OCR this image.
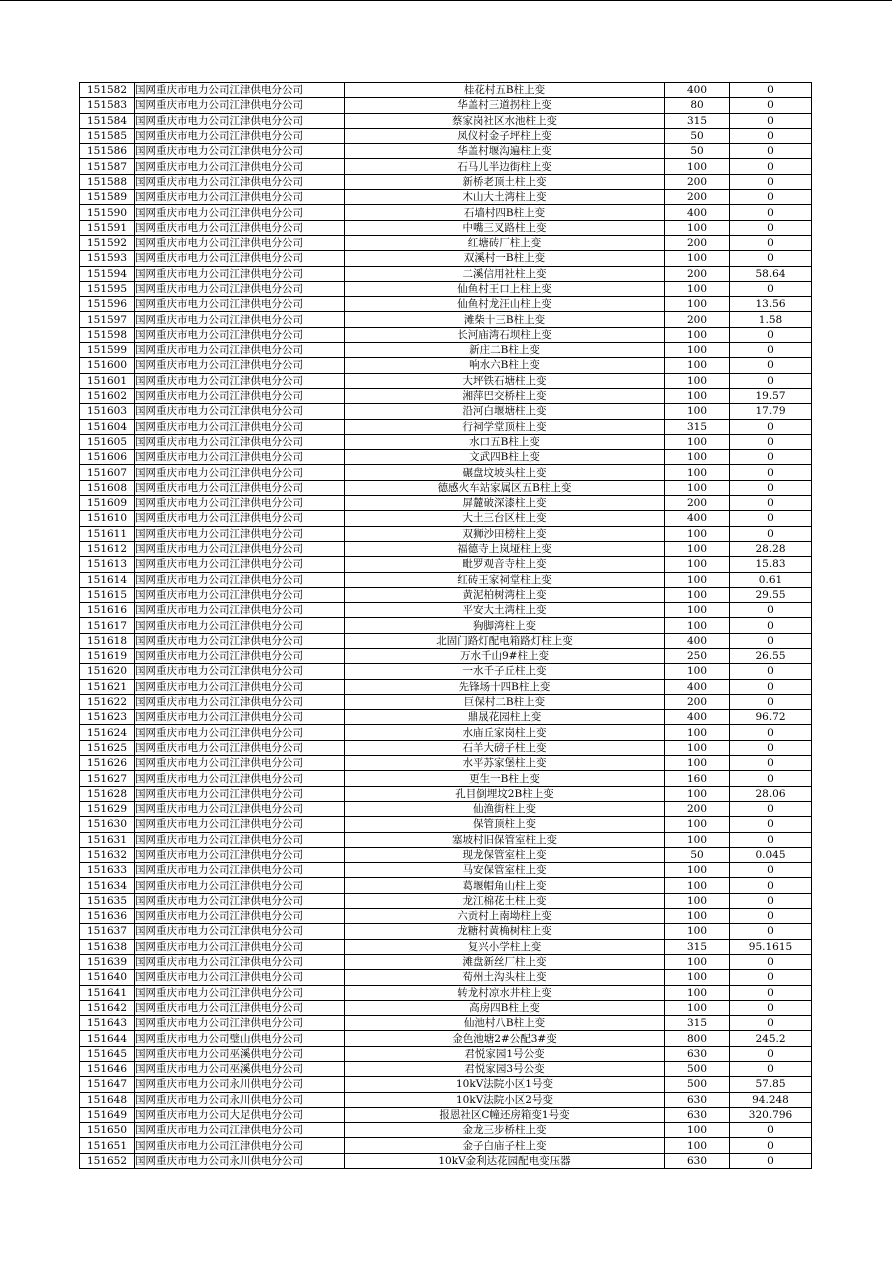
151582	国网重庆市电力公司江津供电分公司	桂花村五B柱上变	400	0
151583	国网重庆市电力公司江津供电分公司	华盖村三道拐柱上变	80	0
151584	国网重庆市电力公司江津供电分公司	蔡家岗社区水池柱上变	315	0
151585	国网重庆市电力公司江津供电分公司	凤仪村金子坪柱上变	50	0
151586	国网重庆市电力公司江津供电分公司	华盖村堰沟遍柱上变	50	0
151587	国网重庆市电力公司江津供电分公司	石马儿半边街柱上变	100	0
151588	国网重庆市电力公司江津供电分公司	新桥老顶土柱上变	200	0
151589	国网重庆市电力公司江津供电分公司	木山大土湾柱上变	200	0
151590	国网重庆市电力公司江津供电分公司	石墙村四B柱上变	400	0
151591	国网重庆市电力公司江津供电分公司	中嘴三叉路柱上变	100	0
151592	国网重庆市电力公司江津供电分公司	红塘砖厂柱上变	200	0
151593	国网重庆市电力公司江津供电分公司	双溪村一B柱上变	100	0
151594	国网重庆市电力公司江津供电分公司	二溪信用社柱上变	200	58.64
151595	国网重庆市电力公司江津供电分公司	仙鱼村王口上柱上变	100	0
151596	国网重庆市电力公司江津供电分公司	仙鱼村龙汪山柱上变	100	13.56
151597	国网重庆市电力公司江津供电分公司	滩柴十三B柱上变	200	1.58
151598	国网重庆市电力公司江津供电分公司	长河庙湾石坝柱上变	100	0
151599	国网重庆市电力公司江津供电分公司	新庄二B柱上变	100	0
151600	国网重庆市电力公司江津供电分公司	响水六B柱上变	100	0
151601	国网重庆市电力公司江津供电分公司	大坪铁石塘柱上变	100	0
151602	国网重庆市电力公司江津供电分公司	湘萍巴交桥柱上变	100	19.57
151603	国网重庆市电力公司江津供电分公司	沿河白堰塘柱上变	100	17.79
151604	国网重庆市电力公司江津供电分公司	行祠学堂顶柱上变	315	0
151605	国网重庆市电力公司江津供电分公司	水口五B柱上变	100	0
151606	国网重庆市电力公司江津供电分公司	文武四B柱上变	100	0
151607	国网重庆市电力公司江津供电分公司	碾盘坟坡头柱上变	100	0
151608	国网重庆市电力公司江津供电分公司	德感火车站家属区五B柱上变	100	0
151609	国网重庆市电力公司江津供电分公司	屏麓破深漆柱上变	200	0
151610	国网重庆市电力公司江津供电分公司	大土三台区柱上变	400	0
151611	国网重庆市电力公司江津供电分公司	双狮沙田榜柱上变	100	0
151612	国网重庆市电力公司江津供电分公司	福德寺上岚垭柱上变	100	28.28
151613	国网重庆市电力公司江津供电分公司	毗罗观音寺柱上变	100	15.83
151614	国网重庆市电力公司江津供电分公司	红砖王家祠堂柱上变	100	0.61
151615	国网重庆市电力公司江津供电分公司	黄泥柏树湾柱上变	100	29.55
151616	国网重庆市电力公司江津供电分公司	平安大土湾柱上变	100	0
151617	国网重庆市电力公司江津供电分公司	狗脚湾柱上变	100	0
151618	国网重庆市电力公司江津供电分公司	北固门路灯配电箱路灯柱上变	400	0
151619	国网重庆市电力公司江津供电分公司	万水千山9#柱上变	250	26.55
151620	国网重庆市电力公司江津供电分公司	一水千子丘柱上变	100	0
151621	国网重庆市电力公司江津供电分公司	先锋场十四B柱上变	400	0
151622	国网重庆市电力公司江津供电分公司	巨保村二B柱上变	200	0
151623	国网重庆市电力公司江津供电分公司	鼎晟花园柱上变	400	96.72
151624	国网重庆市电力公司江津供电分公司	水庙丘家岗柱上变	100	0
151625	国网重庆市电力公司江津供电分公司	石羊大磅子柱上变	100	0
151626	国网重庆市电力公司江津供电分公司	水平苏家堡柱上变	100	0
151627	国网重庆市电力公司江津供电分公司	更生一B柱上变	160	0
151628	国网重庆市电力公司江津供电分公司	孔目倒埋坟2B柱上变	100	28.06
151629	国网重庆市电力公司江津供电分公司	仙渔街柱上变	200	0
151630	国网重庆市电力公司江津供电分公司	保管顶柱上变	100	0
151631	国网重庆市电力公司江津供电分公司	塞坡村旧保管室柱上变	100	0
151632	国网重庆市电力公司江津供电分公司	现龙保管室柱上变	50	0.045
151633	国网重庆市电力公司江津供电分公司	马安保管室柱上变	100	0
151634	国网重庆市电力公司江津供电分公司	葛堰帽角山柱上变	100	0
151635	国网重庆市电力公司江津供电分公司	龙江棉花土柱上变	100	0
151636	国网重庆市电力公司江津供电分公司	六贡村上南坳柱上变	100	0
151637	国网重庆市电力公司江津供电分公司	龙糖村黄桷树柱上变	100	0
151638	国网重庆市电力公司江津供电分公司	复兴小学柱上变	315	95.1615
151639	国网重庆市电力公司江津供电分公司	滩盘新丝厂柱上变	100	0
151640	国网重庆市电力公司江津供电分公司	荀州土沟头柱上变	100	0
151641	国网重庆市电力公司江津供电分公司	转龙村凉水井柱上变	100	0
151642	国网重庆市电力公司江津供电分公司	高房四B柱上变	100	0
151643	国网重庆市电力公司江津供电分公司	仙池村八B柱上变	315	0
151644	国网重庆市电力公司璧山供电分公司	金色池塘2#公配3#变	800	245.2
151645	国网重庆市电力公司巫溪供电分公司	君悦家园1号公变	630	0
151646	国网重庆市电力公司巫溪供电分公司	君悦家园3号公变	500	0
151647	国网重庆市电力公司永川供电分公司	10kV法院小区1号变	500	57.85
151648	国网重庆市电力公司永川供电分公司	10kV法院小区2号变	630	94.248
151649	国网重庆市电力公司大足供电分公司	报恩社区C幢还房箱变1号变	630	320.796
151650	国网重庆市电力公司江津供电分公司	金龙三步桥柱上变	100	0
151651	国网重庆市电力公司江津供电分公司	金子白庙子柱上变	100	0
151652	国网重庆市电力公司永川供电分公司	10kV金利达花园配电变压器	630	0
